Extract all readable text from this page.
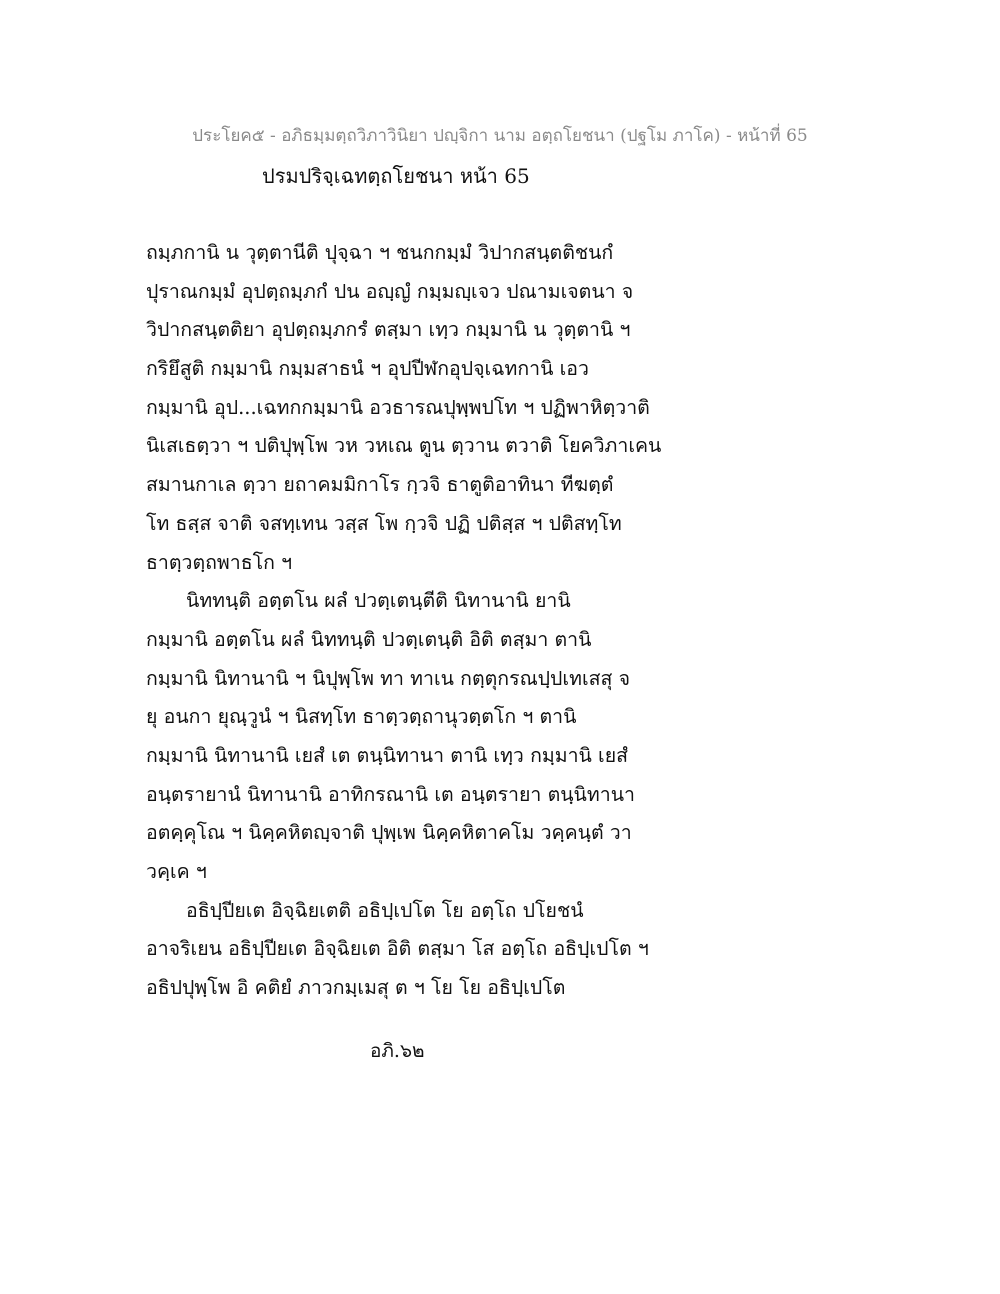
ประโยค๕ - อภิธมฺมตฺถวิภาวินิยา ปญฺจิกา นาม อตฺถโยชนา (ปฐโม ภาโค) - หน้าที่ 65
ปรมปริจฺเฉทตฺถโยชนา หน้า 65
ถมฺภกานิ น วุตฺตานีติ ปุจฺฉา ฯ ชนกกมฺมํ วิปากสนฺตติชนกํ
ปุราณกมฺมํ อุปตฺถมฺภกํ ปน อญฺญํ กมฺมญฺเจว ปณามเจตนา จ
วิปากสนฺตติยา อุปตฺถมฺภกรํ ตสฺมา เทฺว กมฺมานิ น วุตฺตานิ ฯ
กริยึสูติ กมฺมานิ กมฺมสาธนํ ฯ อุปปีฬกอุปจฺเฉทกานิ เอว
กมฺมานิ อุป...เฉทกกมฺมานิ อวธารณปุพฺพปโท ฯ ปฏิพาหิตฺวาติ
นิเสเธตฺวา ฯ ปติปุพฺโพ วห วหเณ ตูน ตฺวาน ตวาติ โยควิภาเคน
สมานกาเล ตฺวา ยถาคมมิกาโร กฺวจิ ธาตูติอาทินา ทีฆตฺตํ
โท ธสฺส จาติ จสทฺเทน วสฺส โพ กฺวจิ ปฏิ ปติสฺส ฯ ปติสทฺโท
ธาตฺวตฺถพาธโก ฯ
นิททนฺติ อตฺตโน ผลํ ปวตฺเตนฺตีติ นิทานานิ ยานิ
กมฺมานิ อตฺตโน ผลํ นิททนฺติ ปวตฺเตนฺติ อิติ ตสฺมา ตานิ
กมฺมานิ นิทานานิ ฯ นิปุพฺโพ ทา ทาเน กตฺตุกรณปฺปเทเสสุ จ
ยุ อนกา ยุณฺวูนํ ฯ นิสทฺโท ธาตฺวตฺถานุวตฺตโก ฯ ตานิ
กมฺมานิ นิทานานิ เยสํ เต ตนฺนิทานา ตานิ เทฺว กมฺมานิ เยสํ
อนฺตรายานํ นิทานานิ อาทิกรณานิ เต อนฺตรายา ตนฺนิทานา
อตคฺคุโณ ฯ นิคฺคหิตญฺจาติ ปุพฺเพ นิคฺคหิตาคโม วคฺคนฺตํ วา
วคฺเค ฯ
อธิปฺปียเต อิจฺฉิยเตติ อธิปฺเปโต โย อตฺโถ ปโยชนํ
อาจริเยน อธิปฺปียเต อิจฺฉิยเต อิติ ตสฺมา โส อตฺโถ อธิปฺเปโต ฯ
อธิปปุพฺโพ อิ คติยํ ภาวกมฺเมสุ ต ฯ โย โย อธิปฺเปโต
อภิ.๖๒
